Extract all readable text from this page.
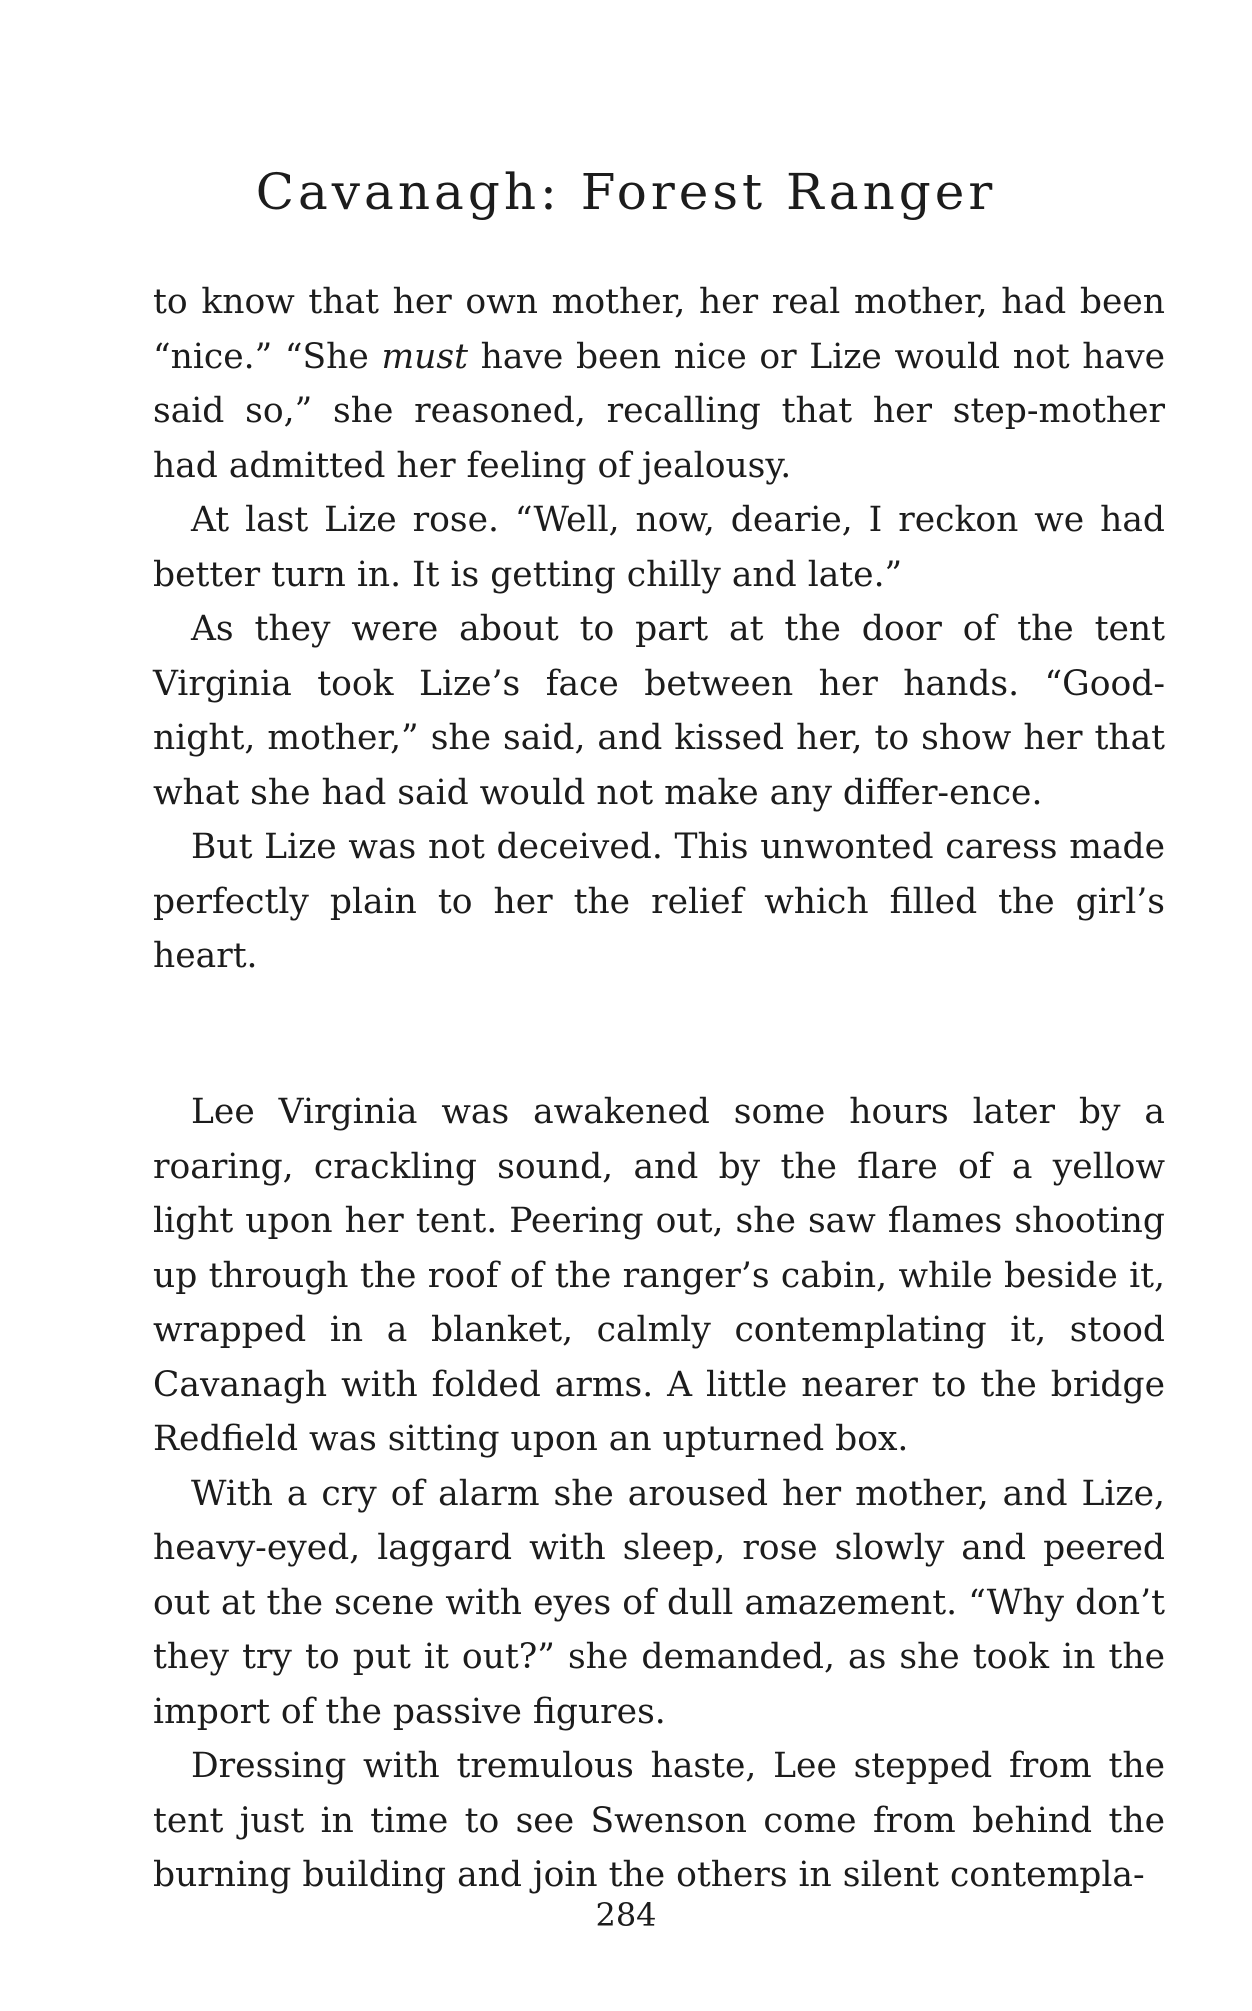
Cavanagh: Forest Ranger

to know that her own mother, her real mother, had been “nice.” “She must have been nice or Lize would not have said so,” she reasoned, recalling that her step-mother had admitted her feeling of jealousy.

At last Lize rose. “Well, now, dearie, I reckon we had better turn in. It is getting chilly and late.”

As they were about to part at the door of the tent Virginia took Lize’s face between her hands. “Good-night, mother,” she said, and kissed her, to show her that what she had said would not make any differ-ence.

But Lize was not deceived. This unwonted caress made perfectly plain to her the relief which filled the girl’s heart.

Lee Virginia was awakened some hours later by a roaring, crackling sound, and by the flare of a yellow light upon her tent. Peering out, she saw flames shooting up through the roof of the ranger’s cabin, while beside it, wrapped in a blanket, calmly contemplating it, stood Cavanagh with folded arms. A little nearer to the bridge Redfield was sitting upon an upturned box.

With a cry of alarm she aroused her mother, and Lize, heavy-eyed, laggard with sleep, rose slowly and peered out at the scene with eyes of dull amazement. “Why don’t they try to put it out?” she demanded, as she took in the import of the passive figures.

Dressing with tremulous haste, Lee stepped from the tent just in time to see Swenson come from behind the burning building and join the others in silent contempla-

284
